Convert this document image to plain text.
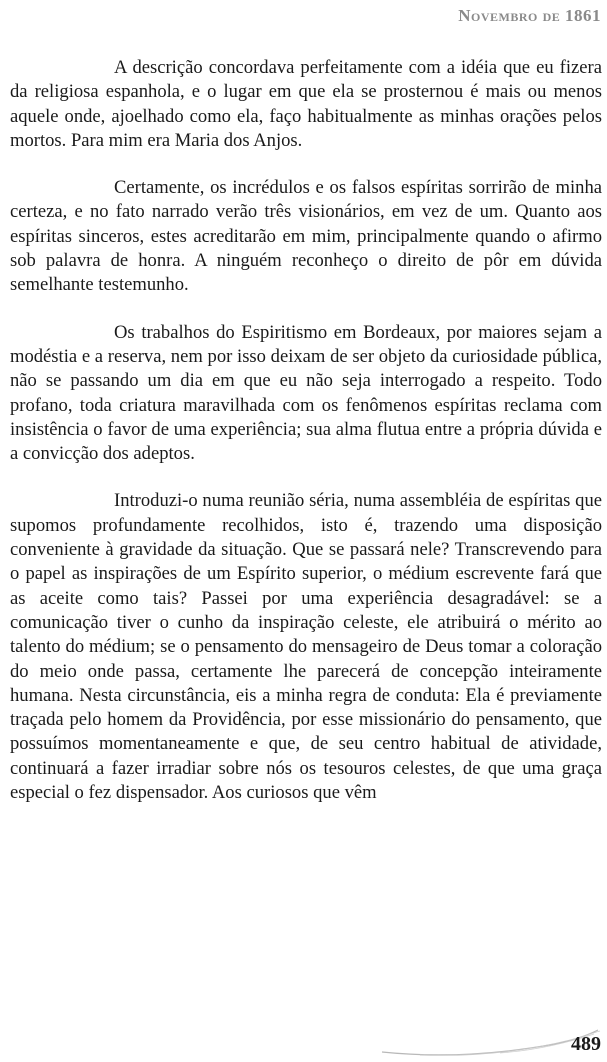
Novembro de 1861

A descrição concordava perfeitamente com a idéia que eu fizera da religiosa espanhola, e o lugar em que ela se prosternou é mais ou menos aquele onde, ajoelhado como ela, faço habitualmente as minhas orações pelos mortos. Para mim era Maria dos Anjos.

Certamente, os incrédulos e os falsos espíritas sorrirão de minha certeza, e no fato narrado verão três visionários, em vez de um. Quanto aos espíritas sinceros, estes acreditarão em mim, principalmente quando o afirmo sob palavra de honra. A ninguém reconheço o direito de pôr em dúvida semelhante testemunho.

Os trabalhos do Espiritismo em Bordeaux, por maiores sejam a modéstia e a reserva, nem por isso deixam de ser objeto da curiosidade pública, não se passando um dia em que eu não seja interrogado a respeito. Todo profano, toda criatura maravilhada com os fenômenos espíritas reclama com insistência o favor de uma experiência; sua alma flutua entre a própria dúvida e a convicção dos adeptos.

Introduzi-o numa reunião séria, numa assembléia de espíritas que supomos profundamente recolhidos, isto é, trazendo uma disposição conveniente à gravidade da situação. Que se passará nele? Transcrevendo para o papel as inspirações de um Espírito superior, o médium escrevente fará que as aceite como tais? Passei por uma experiência desagradável: se a comunicação tiver o cunho da inspiração celeste, ele atribuirá o mérito ao talento do médium; se o pensamento do mensageiro de Deus tomar a coloração do meio onde passa, certamente lhe parecerá de concepção inteiramente humana. Nesta circunstância, eis a minha regra de conduta: Ela é previamente traçada pelo homem da Providência, por esse missionário do pensamento, que possuímos momentaneamente e que, de seu centro habitual de atividade, continuará a fazer irradiar sobre nós os tesouros celestes, de que uma graça especial o fez dispensador. Aos curiosos que vêm

489
